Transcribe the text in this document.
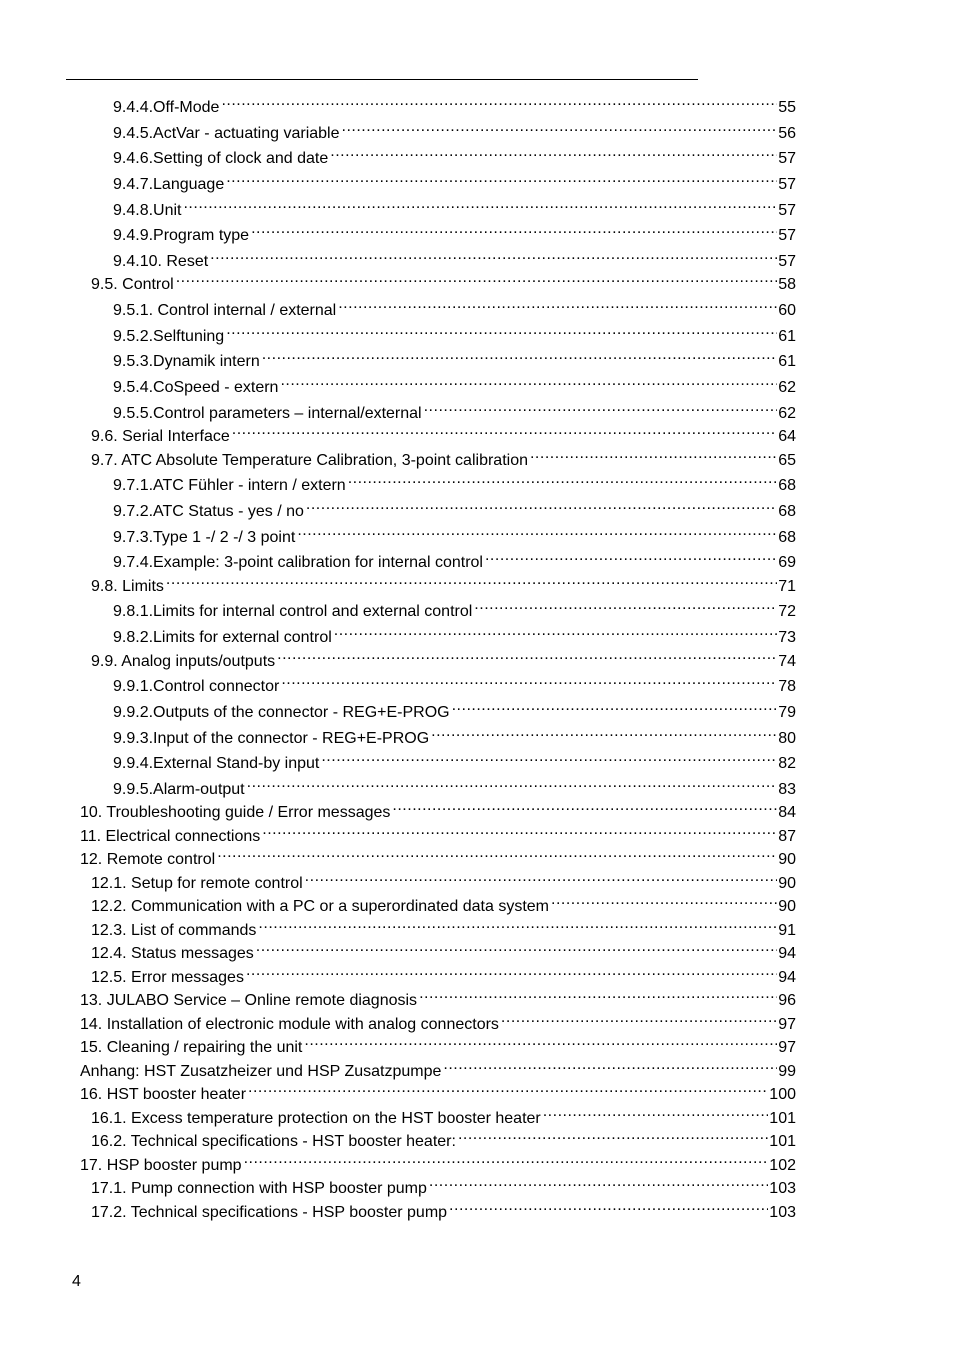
9.4.4.Off-Mode .....	55
9.4.5.ActVar - actuating variable .....	56
9.4.6.Setting of clock and date .....	57
9.4.7.Language .....	57
9.4.8.Unit .....	57
9.4.9.Program type .....	57
9.4.10. Reset .....	57
9.5. Control .....	58
9.5.1. Control internal / external .....	60
9.5.2.Selftuning .....	61
9.5.3.Dynamik intern .....	61
9.5.4.CoSpeed - extern .....	62
9.5.5.Control parameters – internal/external .....	62
9.6. Serial Interface .....	64
9.7. ATC Absolute Temperature Calibration, 3-point calibration .....	65
9.7.1.ATC Fühler - intern / extern .....	68
9.7.2.ATC Status - yes / no .....	68
9.7.3.Type 1 -/ 2 -/ 3 point .....	68
9.7.4.Example: 3-point calibration for internal control .....	69
9.8. Limits .....	71
9.8.1.Limits for internal control and external control .....	72
9.8.2.Limits for external control .....	73
9.9. Analog inputs/outputs .....	74
9.9.1.Control connector .....	78
9.9.2.Outputs of the connector - REG+E-PROG .....	79
9.9.3.Input of the connector - REG+E-PROG .....	80
9.9.4.External Stand-by input .....	82
9.9.5.Alarm-output .....	83
10. Troubleshooting guide / Error messages .....	84
11. Electrical connections .....	87
12. Remote control .....	90
12.1. Setup for remote control .....	90
12.2. Communication with a PC or a superordinated data system .....	90
12.3. List of commands .....	91
12.4. Status messages .....	94
12.5. Error messages .....	94
13. JULABO Service – Online remote diagnosis .....	96
14. Installation of electronic module with analog connectors .....	97
15. Cleaning / repairing the unit .....	97
Anhang: HST Zusatzheizer und HSP Zusatzpumpe .....	99
16. HST booster heater .....	100
16.1. Excess temperature protection on the HST booster heater .....	101
16.2. Technical specifications - HST booster heater: .....	101
17. HSP booster pump .....	102
17.1. Pump connection with HSP booster pump .....	103
17.2. Technical specifications - HSP booster pump .....	103
4
